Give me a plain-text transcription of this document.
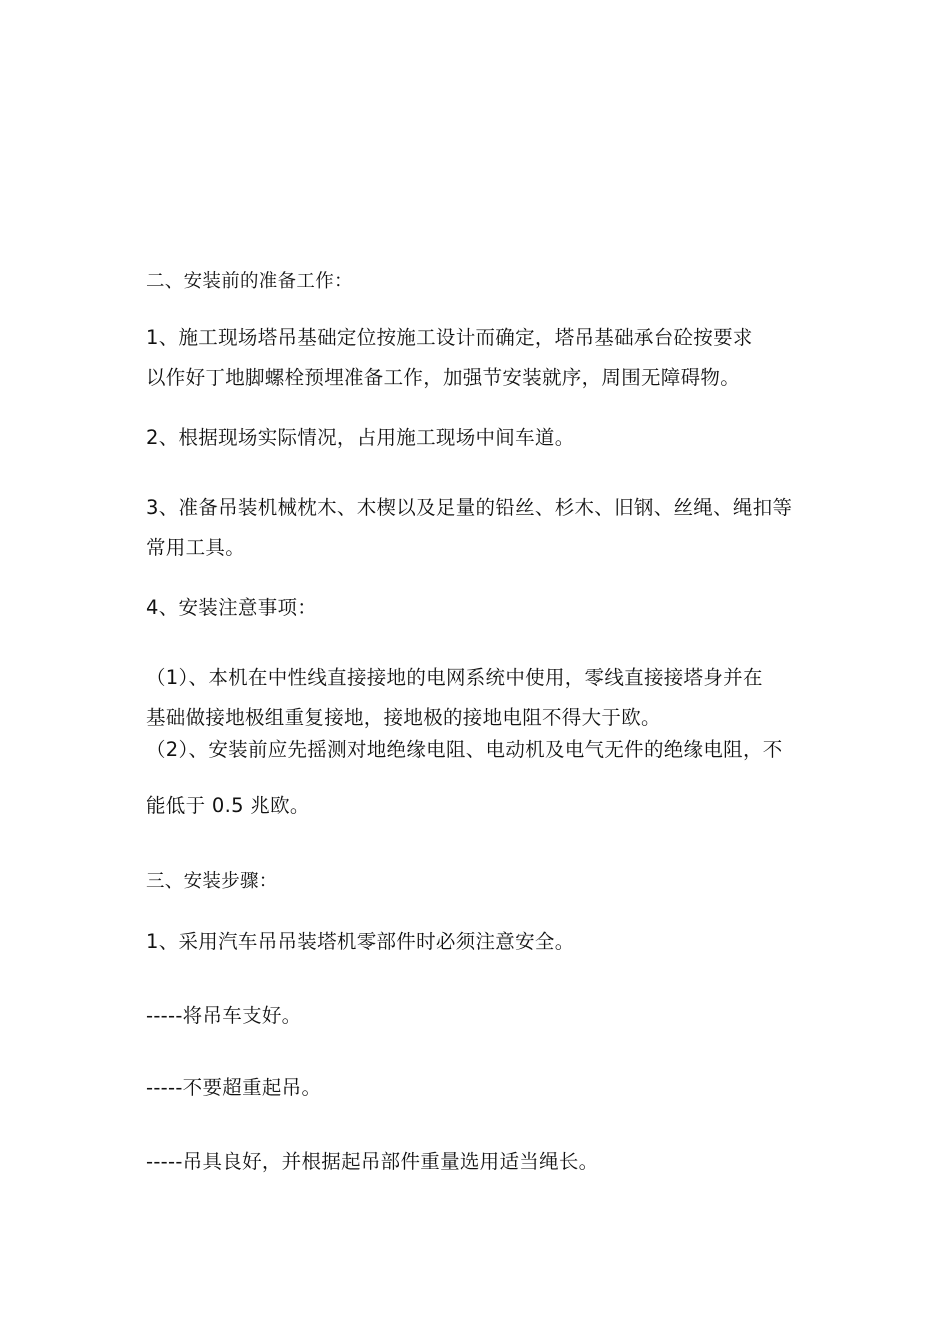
二、安装前的准备工作：
1、施工现场塔吊基础定位按施工设计而确定，塔吊基础承台砼按要求
以作好丁地脚螺栓预埋准备工作，加强节安装就序，周围无障碍物。
2、根据现场实际情况，占用施工现场中间车道。
3、准备吊装机械枕木、木楔以及足量的铅丝、杉木、旧钢、丝绳、绳扣等
常用工具。
4、安装注意事项：
（1）、本机在中性线直接接地的电网系统中使用，零线直接接塔身并在
基础做接地极组重复接地，接地极的接地电阻不得大于欧。
（2）、安装前应先摇测对地绝缘电阻、电动机及电气无件的绝缘电阻，不
能低于 0.5 兆欧。
三、安装步骤：
1、采用汽车吊吊装塔机零部件时必须注意安全。
-----将吊车支好。
-----不要超重起吊。
-----吊具良好，并根据起吊部件重量选用适当绳长。
